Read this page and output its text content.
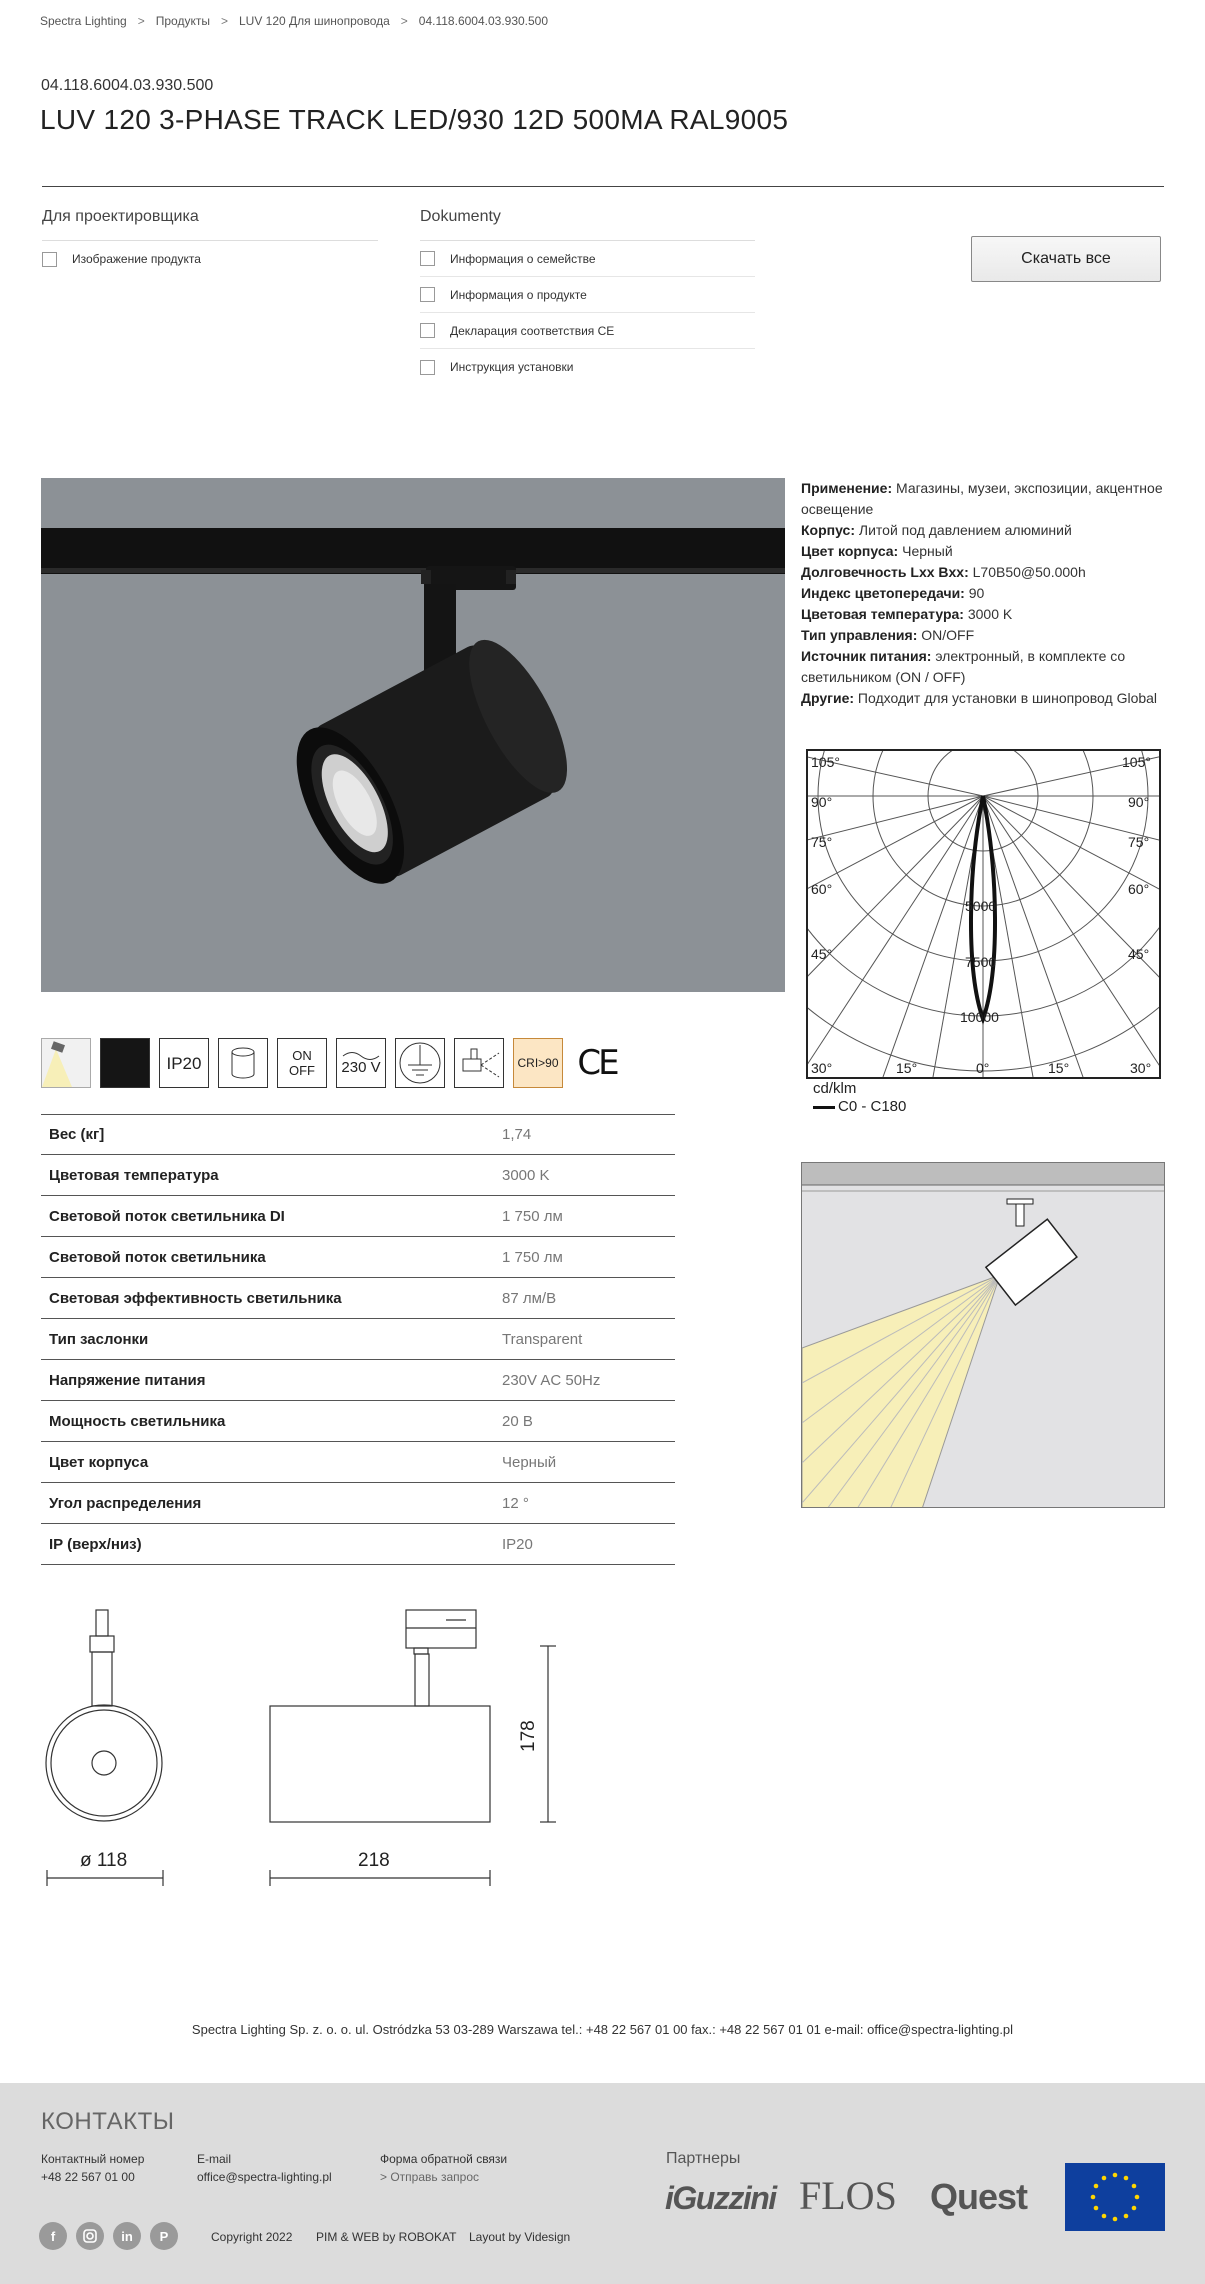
Spectra Lighting > Продукты > LUV 120 Для шинопровода > 04.118.6004.03.930.500
04.118.6004.03.930.500
LUV 120 3-PHASE TRACK LED/930 12D 500MA RAL9005
Для проектировщика
Изображение продукта
Dokumenty
Информация о семействе
Информация о продукте
Декларация соответствия CE
Инструкция установки
Скачать все
Применение: Магазины, музеи, экспозиции, акцентное освещение
Корпус: Литой под давлением алюминий
Цвет корпуса: Черный
Долговечность Lxx Bxx: L70B50@50.000h
Индекс цветопередачи: 90
Цветовая температура: 3000 K
Тип управления: ON/OFF
Источник питания: электронный, в комплекте со светильником (ON / OFF)
Другие: Подходит для установки в шинопровод Global
105°	105°
90°	90°
75°	75°
60°	60°
45°	45°
30°	15°	0°	15°	30°
5000
7500
10000
cd/klm
C0 - C180
IP20	ON
OFF 230 V	CRI>90 CE
Вес (кг]	1,74
Цветовая температура	3000 K
Световой поток светильника DI	1 750 лм
Световой поток светильника	1 750 лм
Световая эффективность светильника	87 лм/В
Тип заслонки	Transparent
Напряжение питания	230V AC 50Hz
Мощность светильника	20 В
Цвет корпуса	Черный
Угол распределения	12 °
IP (верх/низ)	IP20
ø 118	218
178
Spectra Lighting Sp. z. o. o. ul. Ostródzka 53 03-289 Warszawa tel.: +48 22 567 01 00 fax.: +48 22 567 01 01 e-mail: office@spectra-lighting.pl
КОНТАКТЫ
Контактный номер
+48 22 567 01 00
E-mail
office@spectra-lighting.pl
Форма обратной связи
> Отправь запрос
Партнеры
iGuzzini FLOS Quest
f	in	P	Copyright 2022 PIM & WEB by ROBOKAT Layout by Videsign
